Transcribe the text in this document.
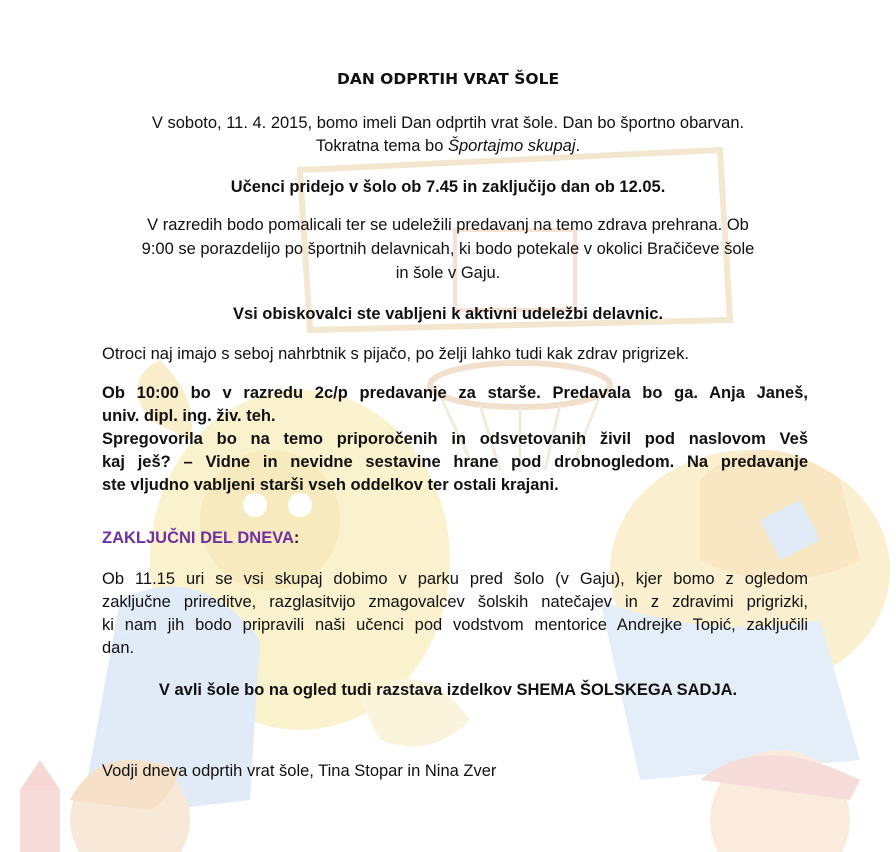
DAN ODPRTIH VRAT ŠOLE
V soboto, 11. 4. 2015, bomo imeli Dan odprtih vrat šole. Dan bo športno obarvan.
Tokratna tema bo Športajmo skupaj.
Učenci pridejo v šolo ob 7.45 in zaključijo dan ob 12.05.
V razredih bodo pomalicali ter se udeležili predavanj na temo zdrava prehrana. Ob
9:00 se porazdelijo po športnih delavnicah, ki bodo potekale v okolici Bračičeve šole
in šole v Gaju.
Vsi obiskovalci ste vabljeni k aktivni udeležbi delavnic.
Otroci naj imajo s seboj nahrbtnik s pijačo, po želji lahko tudi kak zdrav prigrizek.
Ob 10:00 bo v razredu 2c/p predavanje za starše. Predavala bo ga. Anja Janeš,
univ. dipl. ing. živ. teh.
Spregovorila bo na temo priporočenih in odsvetovanih živil pod naslovom Veš
kaj ješ? – Vidne in nevidne sestavine hrane pod drobnogledom. Na predavanje
ste vljudno vabljeni starši vseh oddelkov ter ostali krajani.
ZAKLJUČNI DEL DNEVA:
Ob 11.15 uri se vsi skupaj dobimo v parku pred šolo (v Gaju), kjer bomo z ogledom
zaključne prireditve, razglasitvijo zmagovalcev šolskih natečajev in z zdravimi prigrizki,
ki nam jih bodo pripravili naši učenci pod vodstvom mentorice Andrejke Topić, zaključili
dan.
V avli šole bo na ogled tudi razstava izdelkov SHEMA ŠOLSKEGA SADJA.
Vodji dneva odprtih vrat šole, Tina Stopar in Nina Zver
